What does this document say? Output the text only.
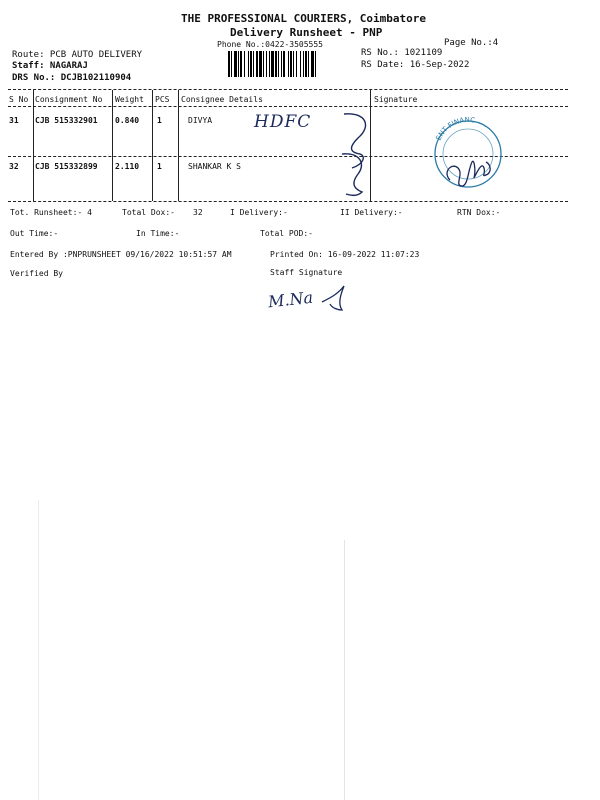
THE PROFESSIONAL COURIERS, Coimbatore
Delivery Runsheet - PNP
Phone No.:0422-3505555	Page No.:4
Route: PCB AUTO DELIVERY
Staff: NAGARAJ
DRS No.: DCJB102110904
RS No.: 1021109
RS Date: 16-Sep-2022
S No Consignment No Weight PCS Consignee Details	Signature
31 CJB 515332901 0.840 1	DIVYA
32 CJB 515332899 2.110 1	SHANKAR K S
HDFC
ENT FINANC
Tot. Runsheet:- 4	Total Dox:- 32	I Delivery:-	II Delivery:-	RTN Dox:-
Out Time:-	In Time:-	Total POD:-
Entered By :PNPRUNSHEET 09/16/2022 10:51:57 AM	Printed On: 16-09-2022 11:07:23
Verified By	Staff Signature
M.Na
